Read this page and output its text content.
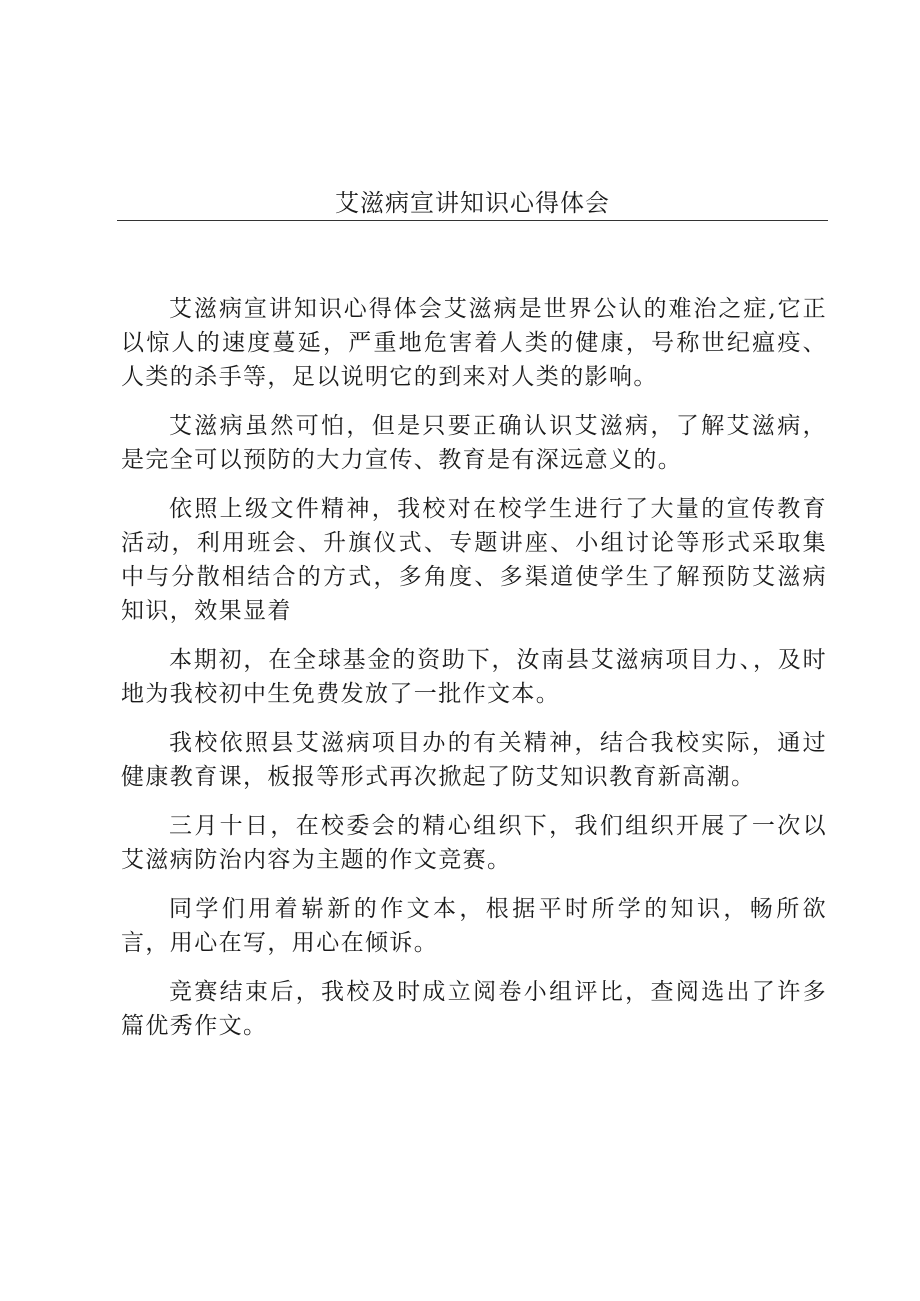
艾滋病宣讲知识心得体会

艾滋病宣讲知识心得体会艾滋病是世界公认的难治之症,它正以惊人的速度蔓延，严重地危害着人类的健康，号称世纪瘟疫、人类的杀手等，足以说明它的到来对人类的影响。

艾滋病虽然可怕，但是只要正确认识艾滋病，了解艾滋病，是完全可以预防的大力宣传、教育是有深远意义的。

依照上级文件精神，我校对在校学生进行了大量的宣传教育活动，利用班会、升旗仪式、专题讲座、小组讨论等形式采取集中与分散相结合的方式，多角度、多渠道使学生了解预防艾滋病知识，效果显着

本期初，在全球基金的资助下，汝南县艾滋病项目力、，及时地为我校初中生免费发放了一批作文本。

我校依照县艾滋病项目办的有关精神，结合我校实际，通过健康教育课，板报等形式再次掀起了防艾知识教育新高潮。

三月十日，在校委会的精心组织下，我们组织开展了一次以艾滋病防治内容为主题的作文竞赛。

同学们用着崭新的作文本，根据平时所学的知识，畅所欲言，用心在写，用心在倾诉。

竞赛结束后，我校及时成立阅卷小组评比，查阅选出了许多篇优秀作文。
